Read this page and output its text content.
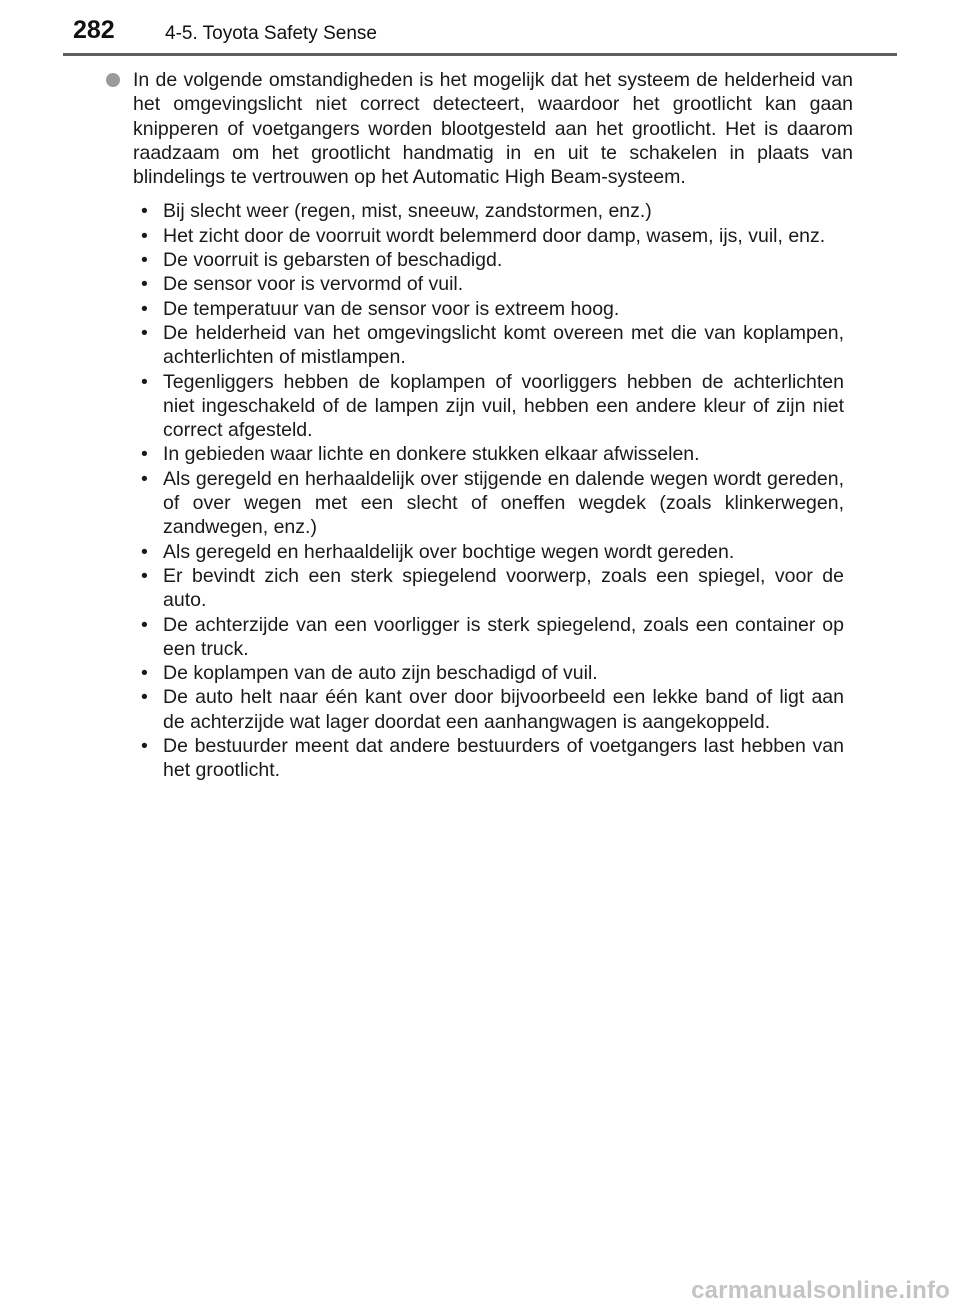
282	4-5. Toyota Safety Sense

In de volgende omstandigheden is het mogelijk dat het systeem de helderheid van het omgevingslicht niet correct detecteert, waardoor het grootlicht kan gaan knipperen of voetgangers worden blootgesteld aan het grootlicht. Het is daarom raadzaam om het grootlicht handmatig in en uit te schakelen in plaats van blindelings te vertrouwen op het Automatic High Beam-systeem.

• Bij slecht weer (regen, mist, sneeuw, zandstormen, enz.)
• Het zicht door de voorruit wordt belemmerd door damp, wasem, ijs, vuil, enz.
• De voorruit is gebarsten of beschadigd.
• De sensor voor is vervormd of vuil.
• De temperatuur van de sensor voor is extreem hoog.
• De helderheid van het omgevingslicht komt overeen met die van koplampen, achterlichten of mistlampen.
• Tegenliggers hebben de koplampen of voorliggers hebben de achterlichten niet ingeschakeld of de lampen zijn vuil, hebben een andere kleur of zijn niet correct afgesteld.
• In gebieden waar lichte en donkere stukken elkaar afwisselen.
• Als geregeld en herhaaldelijk over stijgende en dalende wegen wordt gereden, of over wegen met een slecht of oneffen wegdek (zoals klinkerwegen, zandwegen, enz.)
• Als geregeld en herhaaldelijk over bochtige wegen wordt gereden.
• Er bevindt zich een sterk spiegelend voorwerp, zoals een spiegel, voor de auto.
• De achterzijde van een voorligger is sterk spiegelend, zoals een container op een truck.
• De koplampen van de auto zijn beschadigd of vuil.
• De auto helt naar één kant over door bijvoorbeeld een lekke band of ligt aan de achterzijde wat lager doordat een aanhangwagen is aangekoppeld.
• De bestuurder meent dat andere bestuurders of voetgangers last hebben van het grootlicht.
carmanualsonline.info
